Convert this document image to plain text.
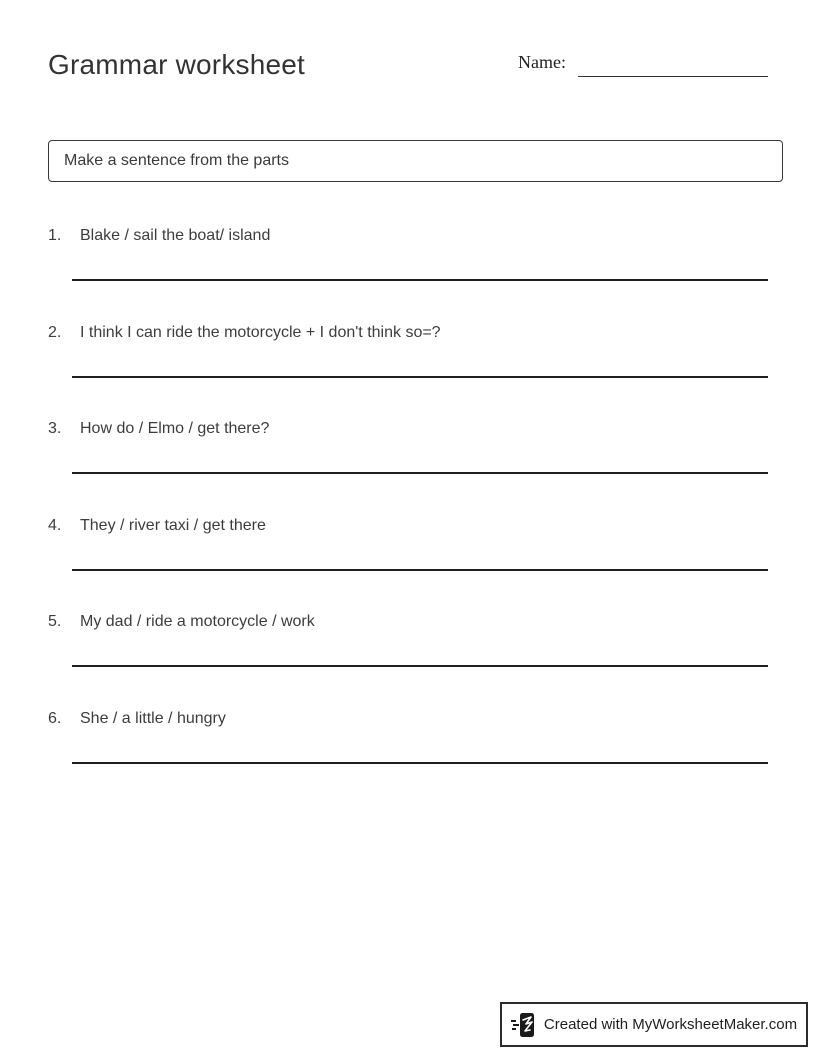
Grammar worksheet	Name:
Make a sentence from the parts
1.	Blake / sail the boat/ island
2.	I think I can ride the motorcycle + I don't think so=?
3.	How do / Elmo / get there?
4.	They / river taxi / get there
5.	My dad / ride a motorcycle / work
6.	She / a little / hungry
Created with MyWorksheetMaker.com
